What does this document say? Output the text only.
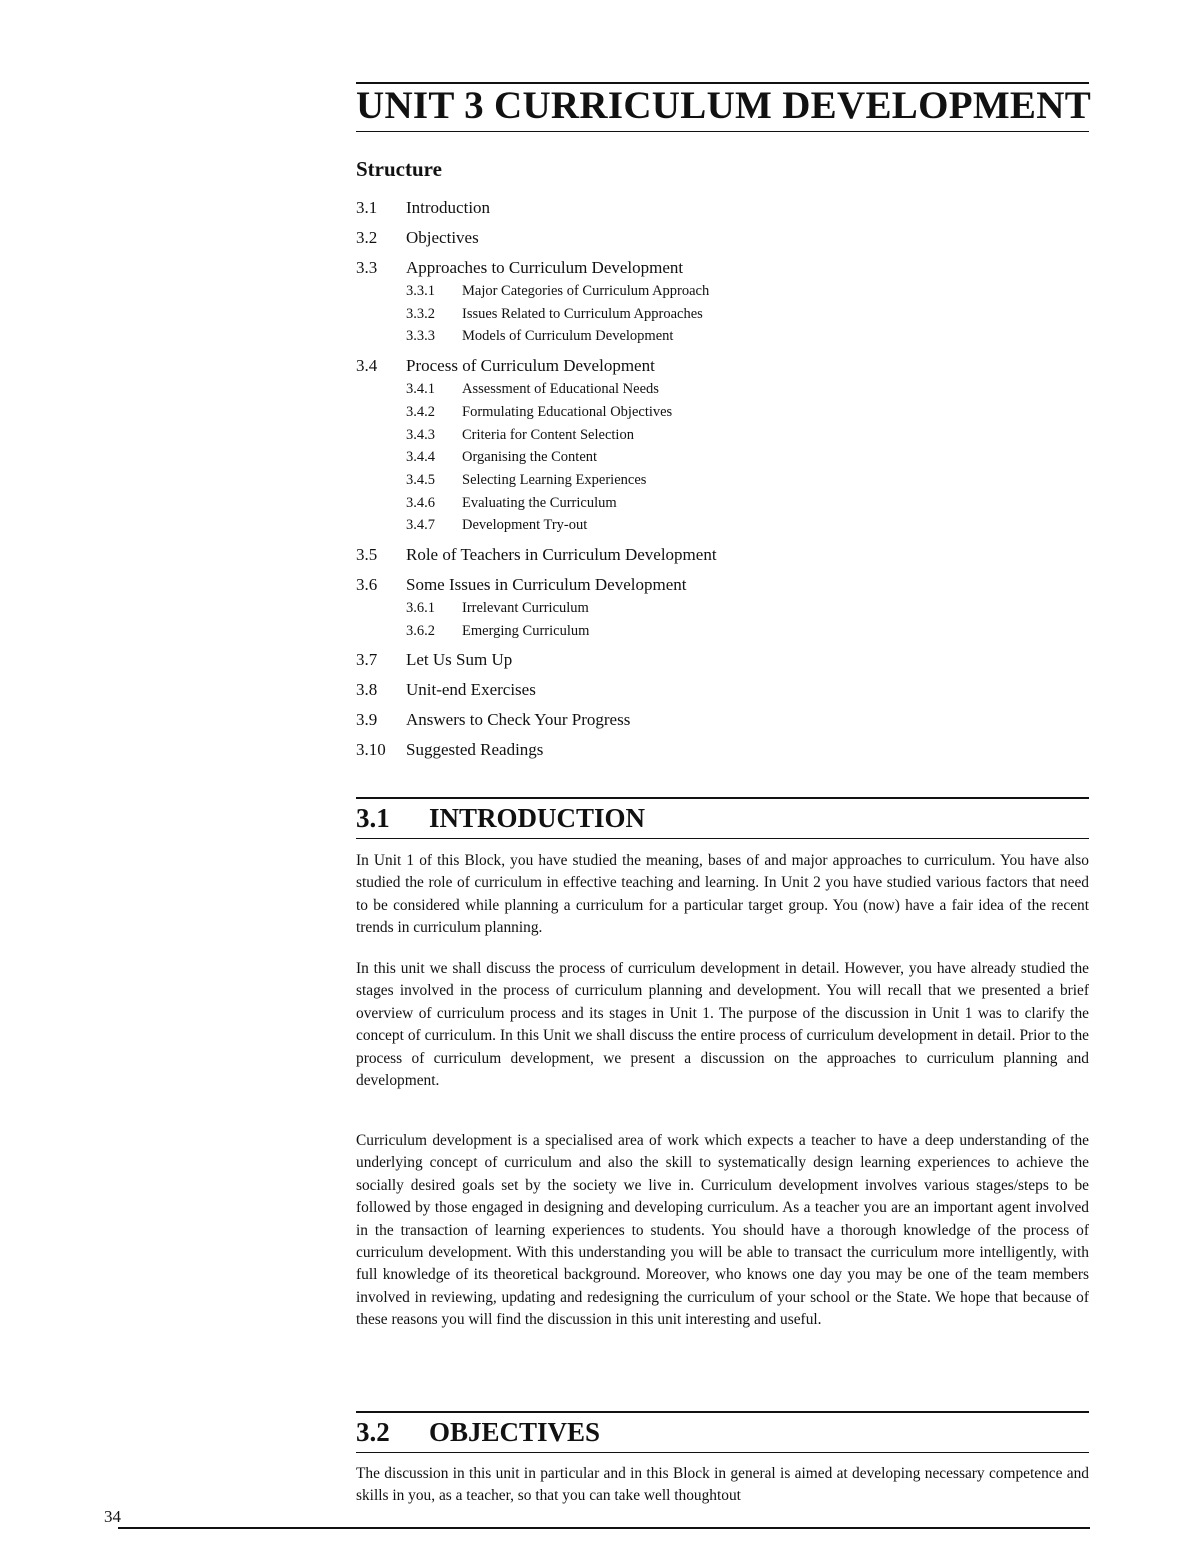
UNIT 3 CURRICULUM DEVELOPMENT
Structure
3.1	Introduction
3.2	Objectives
3.3	Approaches to Curriculum Development
3.3.1	Major Categories of Curriculum Approach
3.3.2	Issues Related to Curriculum Approaches
3.3.3	Models of Curriculum Development
3.4	Process of Curriculum Development
3.4.1	Assessment of Educational Needs
3.4.2	Formulating Educational Objectives
3.4.3	Criteria for Content Selection
3.4.4	Organising the Content
3.4.5	Selecting Learning Experiences
3.4.6	Evaluating the Curriculum
3.4.7	Development Try-out
3.5	Role of Teachers in Curriculum Development
3.6	Some Issues in Curriculum Development
3.6.1	Irrelevant Curriculum
3.6.2	Emerging Curriculum
3.7	Let Us Sum Up
3.8	Unit-end Exercises
3.9	Answers to Check Your Progress
3.10	Suggested Readings
3.1 INTRODUCTION

In Unit 1 of this Block, you have studied the meaning, bases of and major approaches to curriculum. You have also studied the role of curriculum in effective teaching and learning. In Unit 2 you have studied various factors that need to be considered while planning a curriculum for a particular target group. You (now) have a fair idea of the recent trends in curriculum planning.

In this unit we shall discuss the process of curriculum development in detail. However, you have already studied the stages involved in the process of curriculum planning and development. You will recall that we presented a brief overview of curriculum process and its stages in Unit 1. The purpose of the discussion in Unit 1 was to clarify the concept of curriculum. In this Unit we shall discuss the entire process of curriculum development in detail. Prior to the process of curriculum development, we present a discussion on the approaches to curriculum planning and development.

Curriculum development is a specialised area of work which expects a teacher to have a deep understanding of the underlying concept of curriculum and also the skill to systematically design learning experiences to achieve the socially desired goals set by the society we live in. Curriculum development involves various stages/steps to be followed by those engaged in designing and developing curriculum. As a teacher you are an important agent involved in the transaction of learning experiences to students. You should have a thorough knowledge of the process of curriculum development. With this understanding you will be able to transact the curriculum more intelligently, with full knowledge of its theoretical background. Moreover, who knows one day you may be one of the team members involved in reviewing, updating and redesigning the curriculum of your school or the State. We hope that because of these reasons you will find the discussion in this unit interesting and useful.

3.2 OBJECTIVES

The discussion in this unit in particular and in this Block in general is aimed at developing necessary competence and skills in you, as a teacher, so that you can take well thoughtout

34
